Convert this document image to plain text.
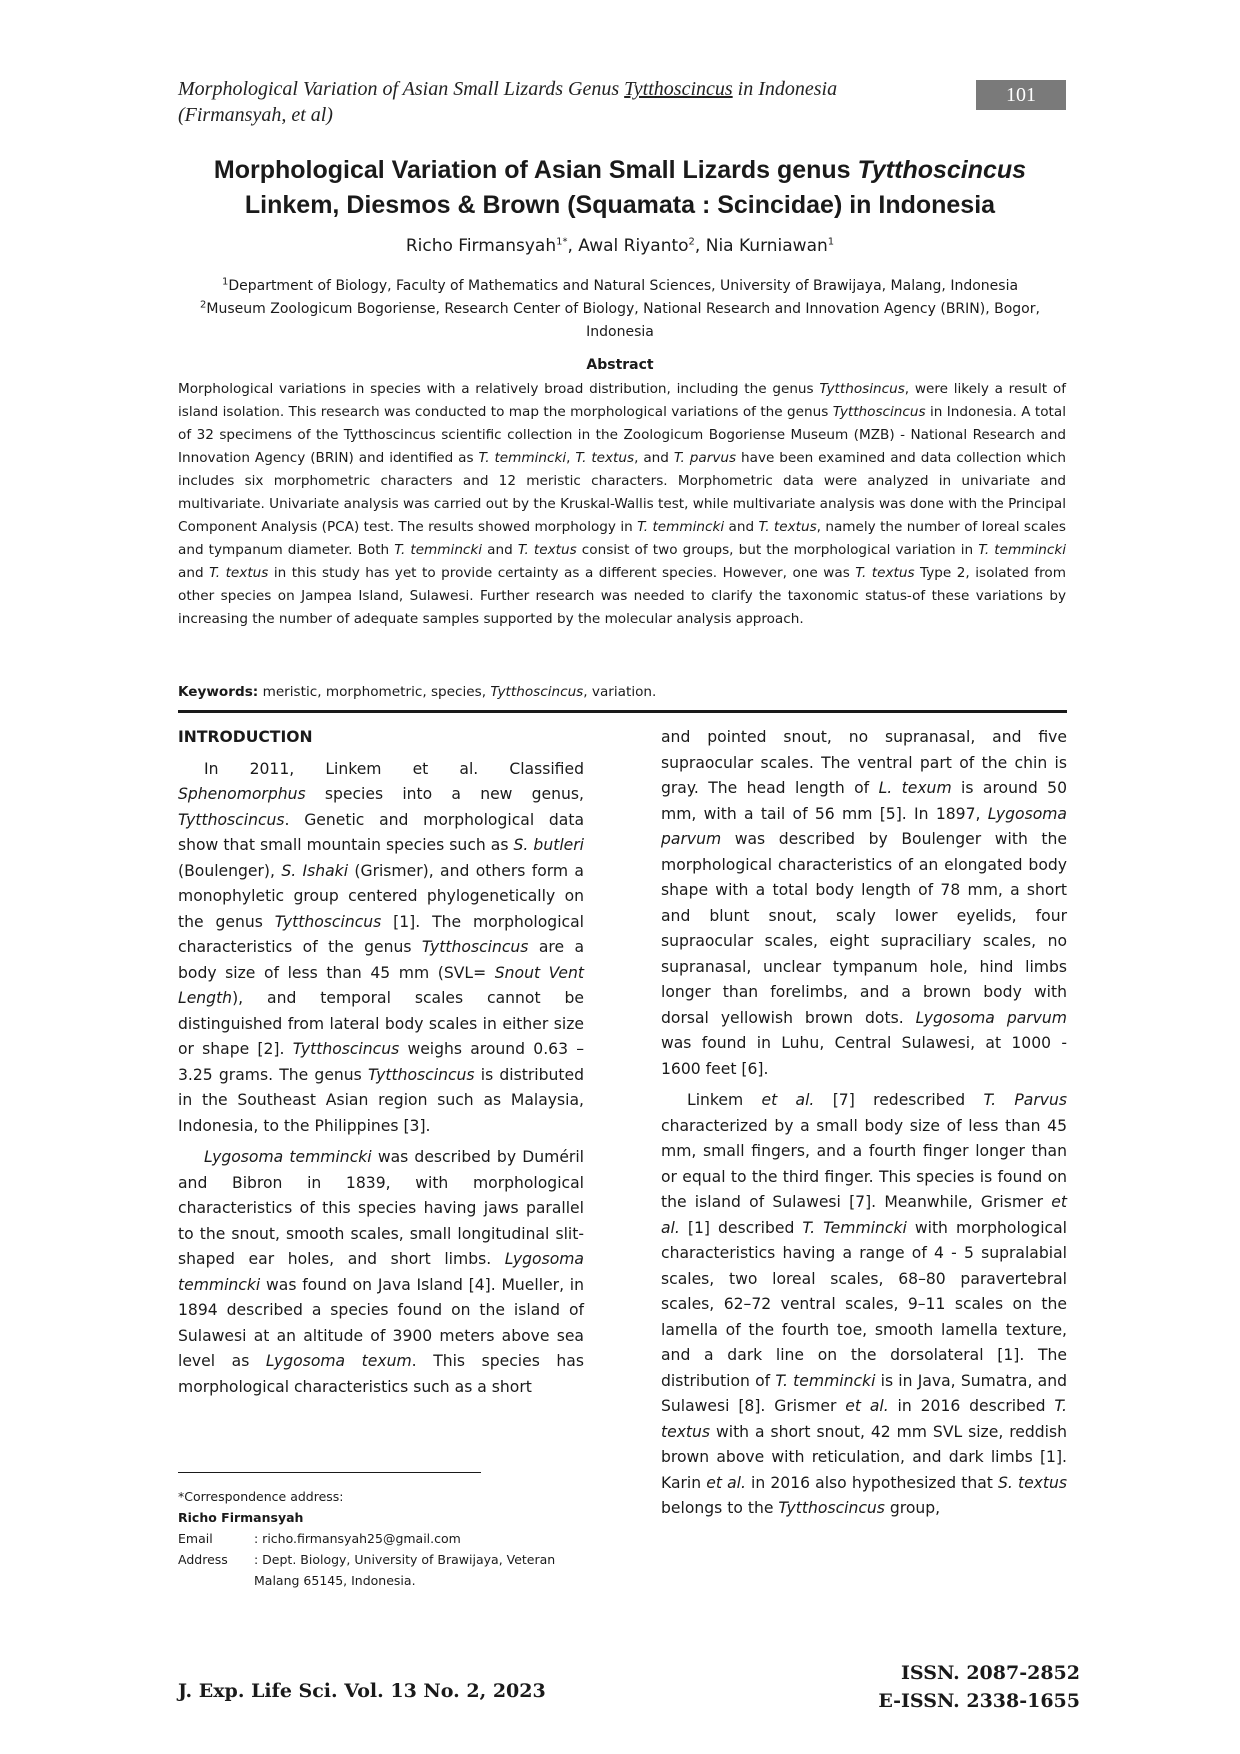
Morphological Variation of Asian Small Lizards Genus Tytthoscincus in Indonesia
(Firmansyah, et al)
101
Morphological Variation of Asian Small Lizards genus Tytthoscincus
Linkem, Diesmos & Brown (Squamata : Scincidae) in Indonesia
Richo Firmansyah$^{1*}$, Awal Riyanto$^2$, Nia Kurniawan$^1$
$^1$Department of Biology, Faculty of Mathematics and Natural Sciences, University of Brawijaya, Malang, Indonesia
$^2$Museum Zoologicum Bogoriense, Research Center of Biology, National Research and Innovation Agency (BRIN), Bogor, Indonesia
Abstract
Morphological variations in species with a relatively broad distribution, including the genus Tytthosincus, were likely a result of island isolation. This research was conducted to map the morphological variations of the genus Tytthoscincus in Indonesia. A total of 32 specimens of the Tytthoscincus scientific collection in the Zoologicum Bogoriense Museum (MZB) - National Research and Innovation Agency (BRIN) and identified as T. temmincki, T. textus, and T. parvus have been examined and data collection which includes six morphometric characters and 12 meristic characters. Morphometric data were analyzed in univariate and multivariate. Univariate analysis was carried out by the Kruskal-Wallis test, while multivariate analysis was done with the Principal Component Analysis (PCA) test. The results showed morphology in T. temmincki and T. textus, namely the number of loreal scales and tympanum diameter. Both T. temmincki and T. textus consist of two groups, but the morphological variation in T. temmincki and T. textus in this study has yet to provide certainty as a different species. However, one was T. textus Type 2, isolated from other species on Jampea Island, Sulawesi. Further research was needed to clarify the taxonomic status-of these variations by increasing the number of adequate samples supported by the molecular analysis approach.
Keywords: meristic, morphometric, species, Tytthoscincus, variation.

INTRODUCTION

In 2011, Linkem et al. Classified Sphenomorphus species into a new genus, Tytthoscincus. Genetic and morphological data show that small mountain species such as S. butleri (Boulenger), S. Ishaki (Grismer), and others form a monophyletic group centered phylogenetically on the genus Tytthoscincus [1]. The morphological characteristics of the genus Tytthoscincus are a body size of less than 45 mm (SVL= Snout Vent Length), and temporal scales cannot be distinguished from lateral body scales in either size or shape [2]. Tytthoscincus weighs around 0.63 – 3.25 grams. The genus Tytthoscincus is distributed in the Southeast Asian region such as Malaysia, Indonesia, to the Philippines [3].

Lygosoma temmincki was described by Duméril and Bibron in 1839, with morphological characteristics of this species having jaws parallel to the snout, smooth scales, small longitudinal slit-shaped ear holes, and short limbs. Lygosoma temmincki was found on Java Island [4]. Mueller, in 1894 described a species found on the island of Sulawesi at an altitude of 3900 meters above sea level as Lygosoma texum. This species has morphological characteristics such as a short

and pointed snout, no supranasal, and five supraocular scales. The ventral part of the chin is gray. The head length of L. texum is around 50 mm, with a tail of 56 mm [5]. In 1897, Lygosoma parvum was described by Boulenger with the morphological characteristics of an elongated body shape with a total body length of 78 mm, a short and blunt snout, scaly lower eyelids, four supraocular scales, eight supraciliary scales, no supranasal, unclear tympanum hole, hind limbs longer than forelimbs, and a brown body with dorsal yellowish brown dots. Lygosoma parvum was found in Luhu, Central Sulawesi, at 1000 - 1600 feet [6].

Linkem et al. [7] redescribed T. Parvus characterized by a small body size of less than 45 mm, small fingers, and a fourth finger longer than or equal to the third finger. This species is found on the island of Sulawesi [7]. Meanwhile, Grismer et al. [1] described T. Temmincki with morphological characteristics having a range of 4 - 5 supralabial scales, two loreal scales, 68–80 paravertebral scales, 62–72 ventral scales, 9–11 scales on the lamella of the fourth toe, smooth lamella texture, and a dark line on the dorsolateral [1]. The distribution of T. temmincki is in Java, Sumatra, and Sulawesi [8]. Grismer et al. in 2016 described T. textus with a short snout, 42 mm SVL size, reddish brown above with reticulation, and dark limbs [1]. Karin et al. in 2016 also hypothesized that S. textus belongs to the Tytthoscincus group,

*Correspondence address:
Richo Firmansyah
Email	: richo.firmansyah25@gmail.com
Address	: Dept. Biology, University of Brawijaya, Veteran
Malang 65145, Indonesia.
J. Exp. Life Sci. Vol. 13 No. 2, 2023
ISSN. 2087-2852
E-ISSN. 2338-1655
